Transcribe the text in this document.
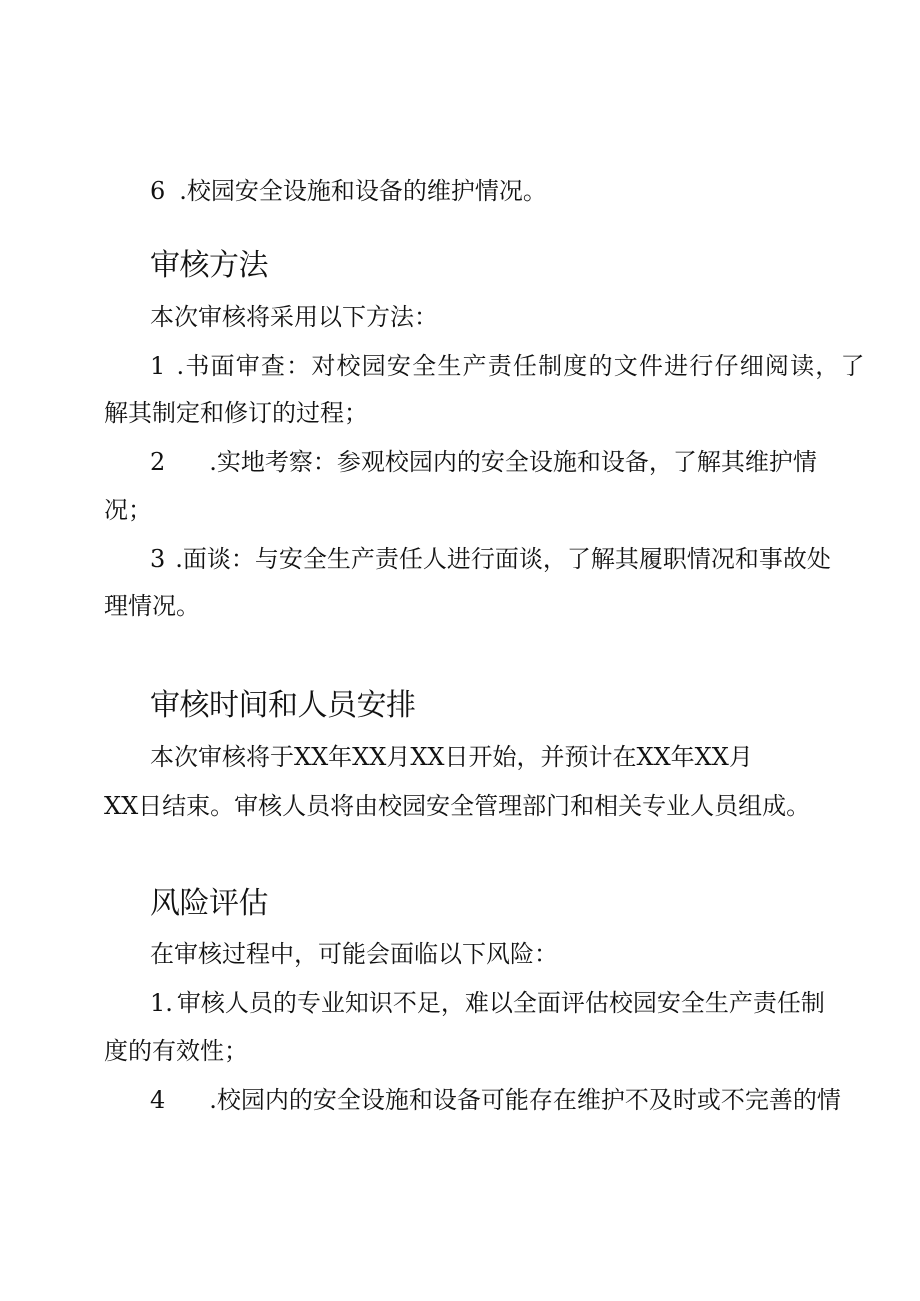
6 .校园安全设施和设备的维护情况。
审核方法
本次审核将采用以下方法：
1 .书面审查：对校园安全生产责任制度的文件进行仔细阅读，了
解其制定和修订的过程；
2 .实地考察：参观校园内的安全设施和设备，了解其维护情
况；
3 .面谈：与安全生产责任人进行面谈，了解其履职情况和事故处
理情况。
审核时间和人员安排
本次审核将于XX年XX月XX日开始，并预计在XX年XX月
XX日结束。审核人员将由校园安全管理部门和相关专业人员组成。
风险评估
在审核过程中，可能会面临以下风险：
1. 审核人员的专业知识不足，难以全面评估校园安全生产责任制
度的有效性；
4 .校园内的安全设施和设备可能存在维护不及时或不完善的情
